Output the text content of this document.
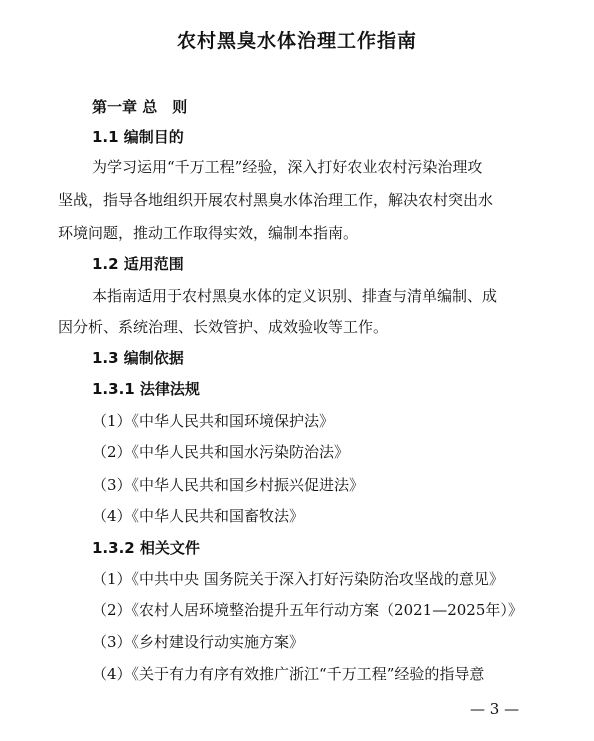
农村黑臭水体治理工作指南
第一章 总　则
1.1 编制目的
为学习运用“千万工程”经验，深入打好农业农村污染治理攻
坚战，指导各地组织开展农村黑臭水体治理工作，解决农村突出水
环境问题，推动工作取得实效，编制本指南。
1.2 适用范围
本指南适用于农村黑臭水体的定义识别、排查与清单编制、成
因分析、系统治理、长效管护、成效验收等工作。
1.3 编制依据
1.3.1 法律法规
（1）《中华人民共和国环境保护法》
（2）《中华人民共和国水污染防治法》
（3）《中华人民共和国乡村振兴促进法》
（4）《中华人民共和国畜牧法》
1.3.2 相关文件
（1）《中共中央 国务院关于深入打好污染防治攻坚战的意见》
（2）《农村人居环境整治提升五年行动方案（2021—2025年）》
（3）《乡村建设行动实施方案》
（4）《关于有力有序有效推广浙江“千万工程”经验的指导意
— 3 —
